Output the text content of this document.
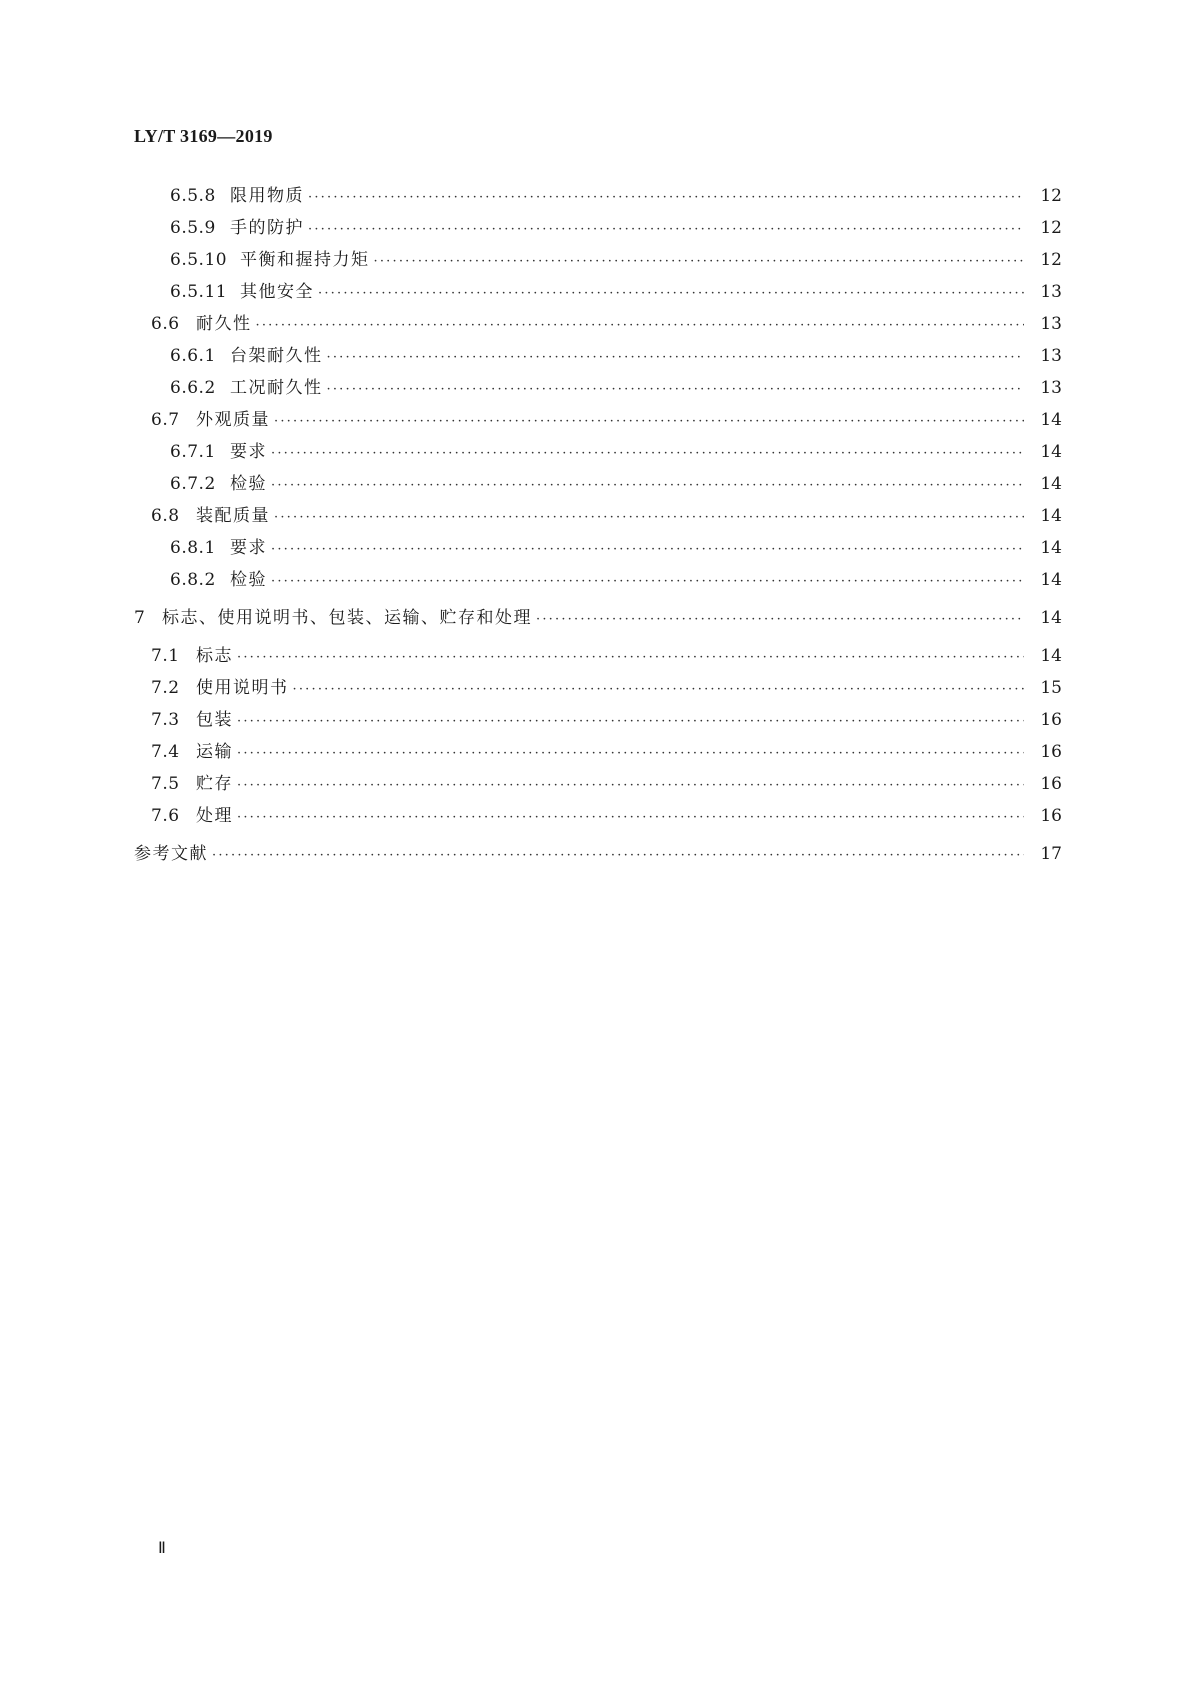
LY/T 3169—2019
6.5.8 限用物质 ·····	12
6.5.9 手的防护 ·····	12
6.5.10 平衡和握持力矩 ·····	12
6.5.11 其他安全 ·····	13
6.6 耐久性 ·····	13
6.6.1 台架耐久性 ·····	13
6.6.2 工况耐久性 ·····	13
6.7 外观质量 ·····	14
6.7.1 要求 ·····	14
6.7.2 检验 ·····	14
6.8 装配质量 ·····	14
6.8.1 要求 ·····	14
6.8.2 检验 ·····	14
7 标志、使用说明书、包装、运输、贮存和处理 ·····	14
7.1 标志 ·····	14
7.2 使用说明书 ·····	15
7.3 包装 ·····	16
7.4 运输 ·····	16
7.5 贮存 ·····	16
7.6 处理 ·····	16
参考文献 ·····	17
Ⅱ
